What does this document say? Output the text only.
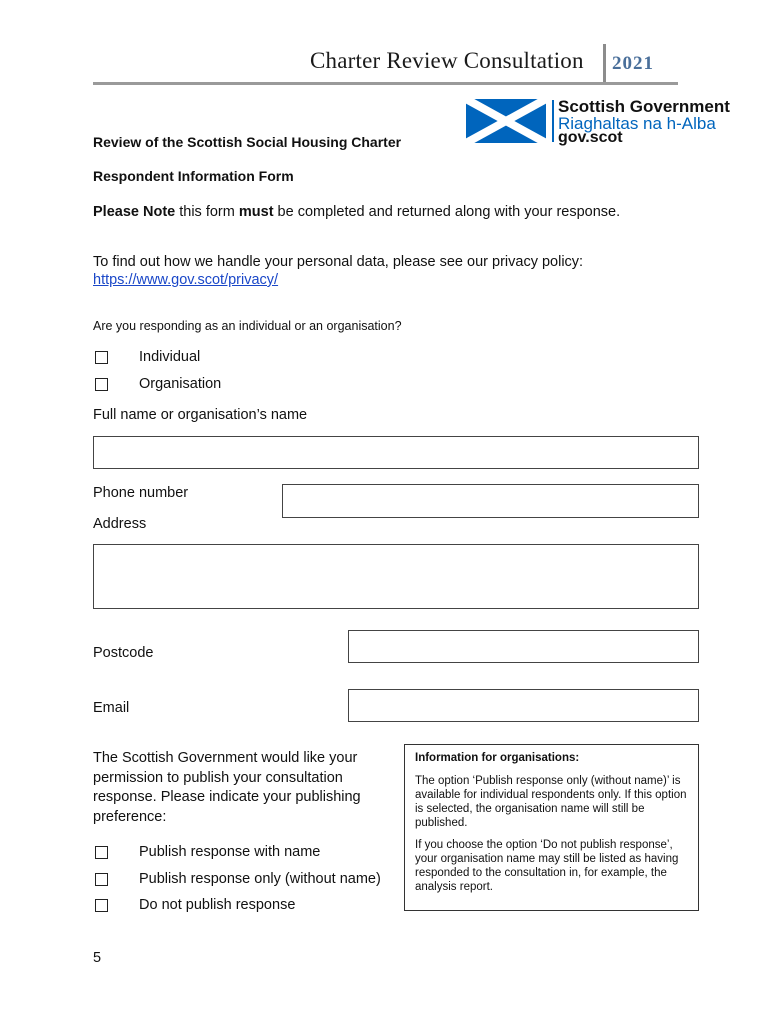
Charter Review Consultation 2021
Scottish Government
Riaghaltas na h-Alba
gov.scot
Review of the Scottish Social Housing Charter
Respondent Information Form
Please Note this form must be completed and returned along with your response.
To find out how we handle your personal data, please see our privacy policy:
https://www.gov.scot/privacy/
Are you responding as an individual or an organisation?
Individual
Organisation
Full name or organisation’s name
Phone number
Address
Postcode
Email
The Scottish Government would like your
permission to publish your consultation
response. Please indicate your publishing
preference:
Publish response with name
Publish response only (without name)
Do not publish response

Information for organisations:

The option ‘Publish response only (without name)’ is available for individual respondents only. If this option is selected, the organisation name will still be published.

If you choose the option ‘Do not publish response’, your organisation name may still be listed as having responded to the consultation in, for example, the analysis report.

5
